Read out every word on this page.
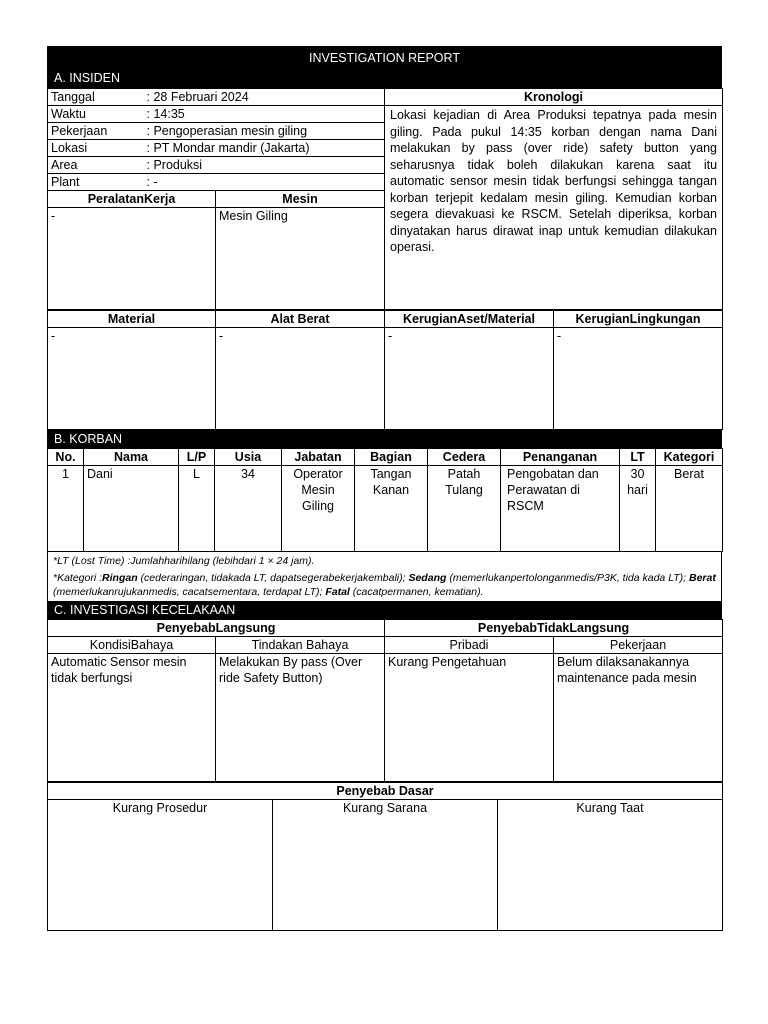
INVESTIGATION REPORT
A. INSIDEN
Tanggal	: 28 Februari 2024		Kronologi
Waktu	: 14:35		Lokasi kejadian di Area Produksi tepatnya pada mesin giling. Pada pukul 14:35 korban dengan nama Dani melakukan by pass (over ride) safety button yang seharusnya tidak boleh dilakukan karena saat itu automatic sensor mesin tidak berfungsi sehingga tangan korban terjepit kedalam mesin giling. Kemudian korban segera dievakuasi ke RSCM. Setelah diperiksa, korban dinyatakan harus dirawat inap untuk kemudian dilakukan operasi.
Pekerjaan	: Pengoperasian mesin giling		
Lokasi	: PT Mondar mandir (Jakarta)		
Area	: Produksi		
Plant	: -		
PeralatanKerja		Mesin	
-		Mesin Giling	
Material	Alat Berat	KerugianAset/Material	KerugianLingkungan
-	-	-	-
B. KORBAN
No.	Nama	L/P	Usia	Jabatan	Bagian	Cedera	Penanganan	LT	Kategori
1	Dani	L	34	Operator Mesin Giling	Tangan Kanan	Patah Tulang	Pengobatan dan Perawatan di RSCM	30 hari	Berat
*LT (Lost Time) :Jumlahharihilang (lebihdari 1 × 24 jam).
*Kategori :Ringan (cederaringan, tidakada LT, dapatsegerabekerjakembali); Sedang (memerlukanpertolonganmedis/P3K, tida kada LT); Berat (memerlukanrujukanmedis, cacatsementara, terdapat LT); Fatal (cacatpermanen, kematian).
C. INVESTIGASI KECELAKAAN
PenyebabLangsung		PenyebabTidakLangsung	
KondisiBahaya	Tindakan Bahaya	Pribadi	Pekerjaan
Automatic Sensor mesin tidak berfungsi	Melakukan By pass (Over ride Safety Button)	Kurang Pengetahuan	Belum dilaksanakannya maintenance pada mesin
Penyebab Dasar
Kurang Prosedur	Kurang Sarana	Kurang Taat
